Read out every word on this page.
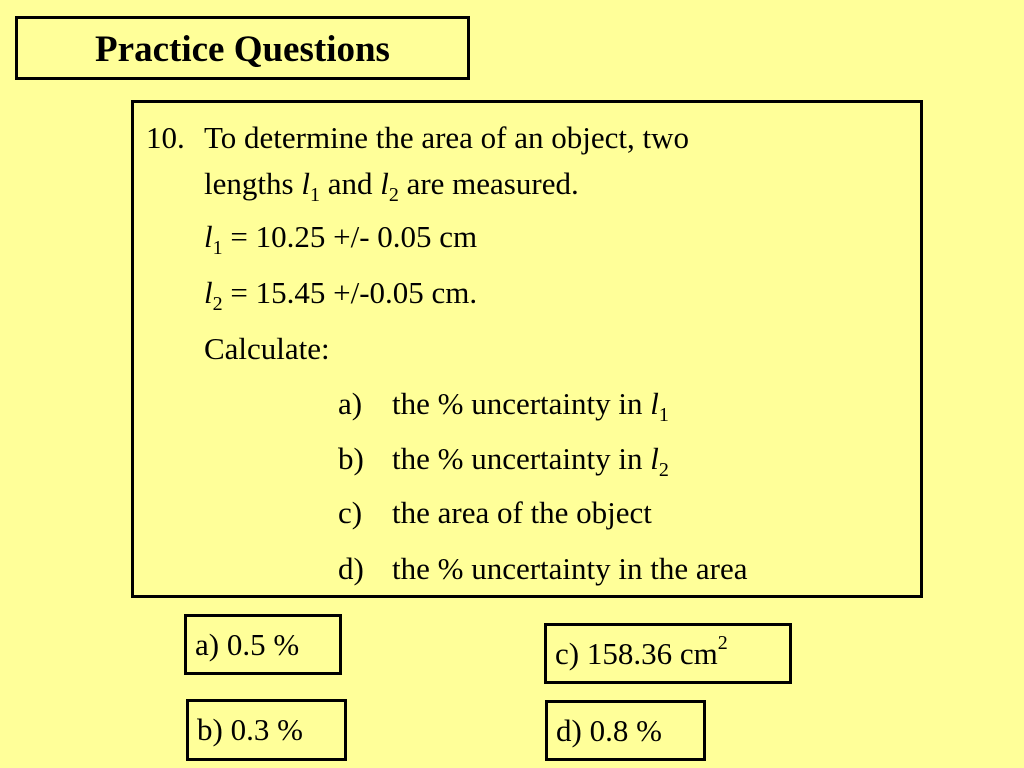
Practice Questions
10. To determine the area of an object, two
lengths $l_1$ and $l_2$ are measured.
$l_1 = 10.25$ +/- 0.05 cm
$l_2 = 15.45 +/-0.05$ cm.
Calculate:
a) the % uncertainty in $l_1$
b) the % uncertainty in $l_2$
c) the area of the object
d) the % uncertainty in the area
a) 0.5 %
b) 0.3 %
c) 158.36 cm 2
d) 0.8 %
